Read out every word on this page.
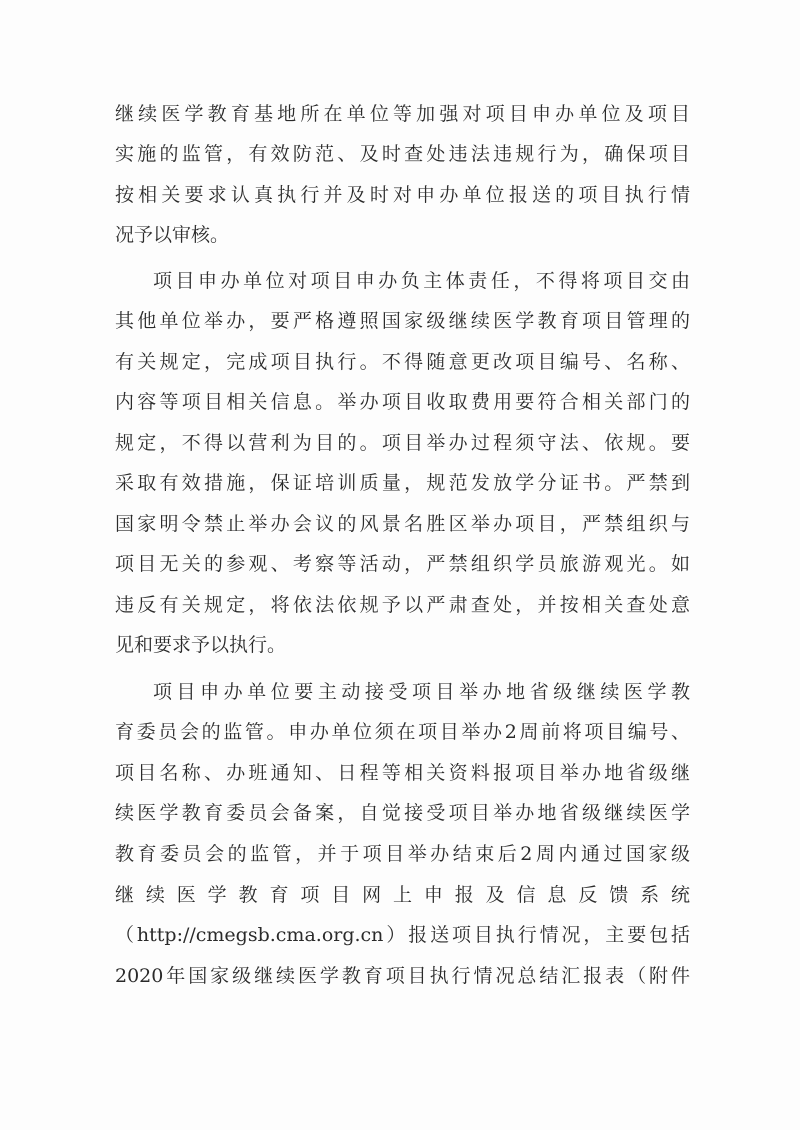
继续医学教育基地所在单位等加强对项目申办单位及项目
实施的监管，有效防范、及时查处违法违规行为，确保项目
按相关要求认真执行并及时对申办单位报送的项目执行情
况予以审核。
项目申办单位对项目申办负主体责任，不得将项目交由
其他单位举办，要严格遵照国家级继续医学教育项目管理的
有关规定，完成项目执行。不得随意更改项目编号、名称、
内容等项目相关信息。举办项目收取费用要符合相关部门的
规定，不得以营利为目的。项目举办过程须守法、依规。要
采取有效措施，保证培训质量，规范发放学分证书。严禁到
国家明令禁止举办会议的风景名胜区举办项目，严禁组织与
项目无关的参观、考察等活动，严禁组织学员旅游观光。如
违反有关规定，将依法依规予以严肃查处，并按相关查处意
见和要求予以执行。
项目申办单位要主动接受项目举办地省级继续医学教
育委员会的监管。申办单位须在项目举办2周前将项目编号、
项目名称、办班通知、日程等相关资料报项目举办地省级继
续医学教育委员会备案，自觉接受项目举办地省级继续医学
教育委员会的监管，并于项目举办结束后2周内通过国家级
继续医学教育项目网上申报及信息反馈系统
（http://cmegsb.cma.org.cn）报送项目执行情况，主要包括
2020年国家级继续医学教育项目执行情况总结汇报表（附件
